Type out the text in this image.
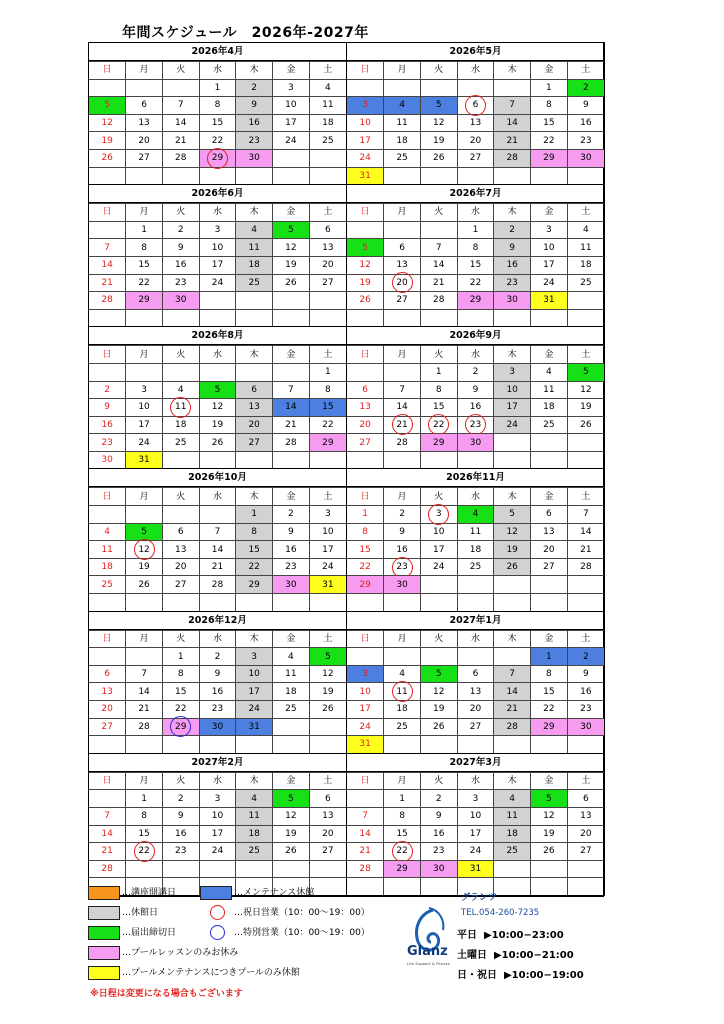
年間スケジュール　2026年-2027年
2026年4月
日	月	火	水	木	金	土
			1	2	3	4
5	6	7	8	9	10	11
12	13	14	15	16	17	18
19	20	21	22	23	24	25
26	27	28	29	30		

2026年5月
日	月	火	水	木	金	土
					1	2
3	4	5	6	7	8	9
10	11	12	13	14	15	16
17	18	19	20	21	22	23
24	25	26	27	28	29	30
31						
2026年6月
日	月	火	水	木	金	土
	1	2	3	4	5	6
7	8	9	10	11	12	13
14	15	16	17	18	19	20
21	22	23	24	25	26	27
28	29	30				

2026年7月
日	月	火	水	木	金	土
			1	2	3	4
5	6	7	8	9	10	11
12	13	14	15	16	17	18
19	20	21	22	23	24	25
26	27	28	29	30	31	

2026年8月
日	月	火	水	木	金	土
						1
2	3	4	5	6	7	8
9	10	11	12	13	14	15
16	17	18	19	20	21	22
23	24	25	26	27	28	29
30	31					
2026年9月
日	月	火	水	木	金	土
		1	2	3	4	5
6	7	8	9	10	11	12
13	14	15	16	17	18	19
20	21	22	23	24	25	26
27	28	29	30			

2026年10月
日	月	火	水	木	金	土
				1	2	3
4	5	6	7	8	9	10
11	12	13	14	15	16	17
18	19	20	21	22	23	24
25	26	27	28	29	30	31

2026年11月
日	月	火	水	木	金	土
1	2	3	4	5	6	7
8	9	10	11	12	13	14
15	16	17	18	19	20	21
22	23	24	25	26	27	28
29	30					

2026年12月
日	月	火	水	木	金	土
		1	2	3	4	5
6	7	8	9	10	11	12
13	14	15	16	17	18	19
20	21	22	23	24	25	26
27	28	29	30	31		

2027年1月
日	月	火	水	木	金	土
					1	2
3	4	5	6	7	8	9
10	11	12	13	14	15	16
17	18	19	20	21	22	23
24	25	26	27	28	29	30
31						
2027年2月
日	月	火	水	木	金	土
	1	2	3	4	5	6
7	8	9	10	11	12	13
14	15	16	17	18	19	20
21	22	23	24	25	26	27
28						

2027年3月
日	月	火	水	木	金	土
	1	2	3	4	5	6
7	8	9	10	11	12	13
14	15	16	17	18	19	20
21	22	23	24	25	26	27
28	29	30	31			

…講座開講日
…休館日
…届出締切日
…プールレッスンのみお休み
…プールメンテナンスにつきプールのみ休館
…メンテナンス休館
…祝日営業（10：00〜19：00）
…特別営業（10：00〜19：00）
※日程は変更になる場合もございます
Glanz
Life Support & Fitness
グランツ
TEL.054-260-7235
平日 ▶10:00−23:00
土曜日 ▶10:00−21:00
日・祝日 ▶10:00−19:00
